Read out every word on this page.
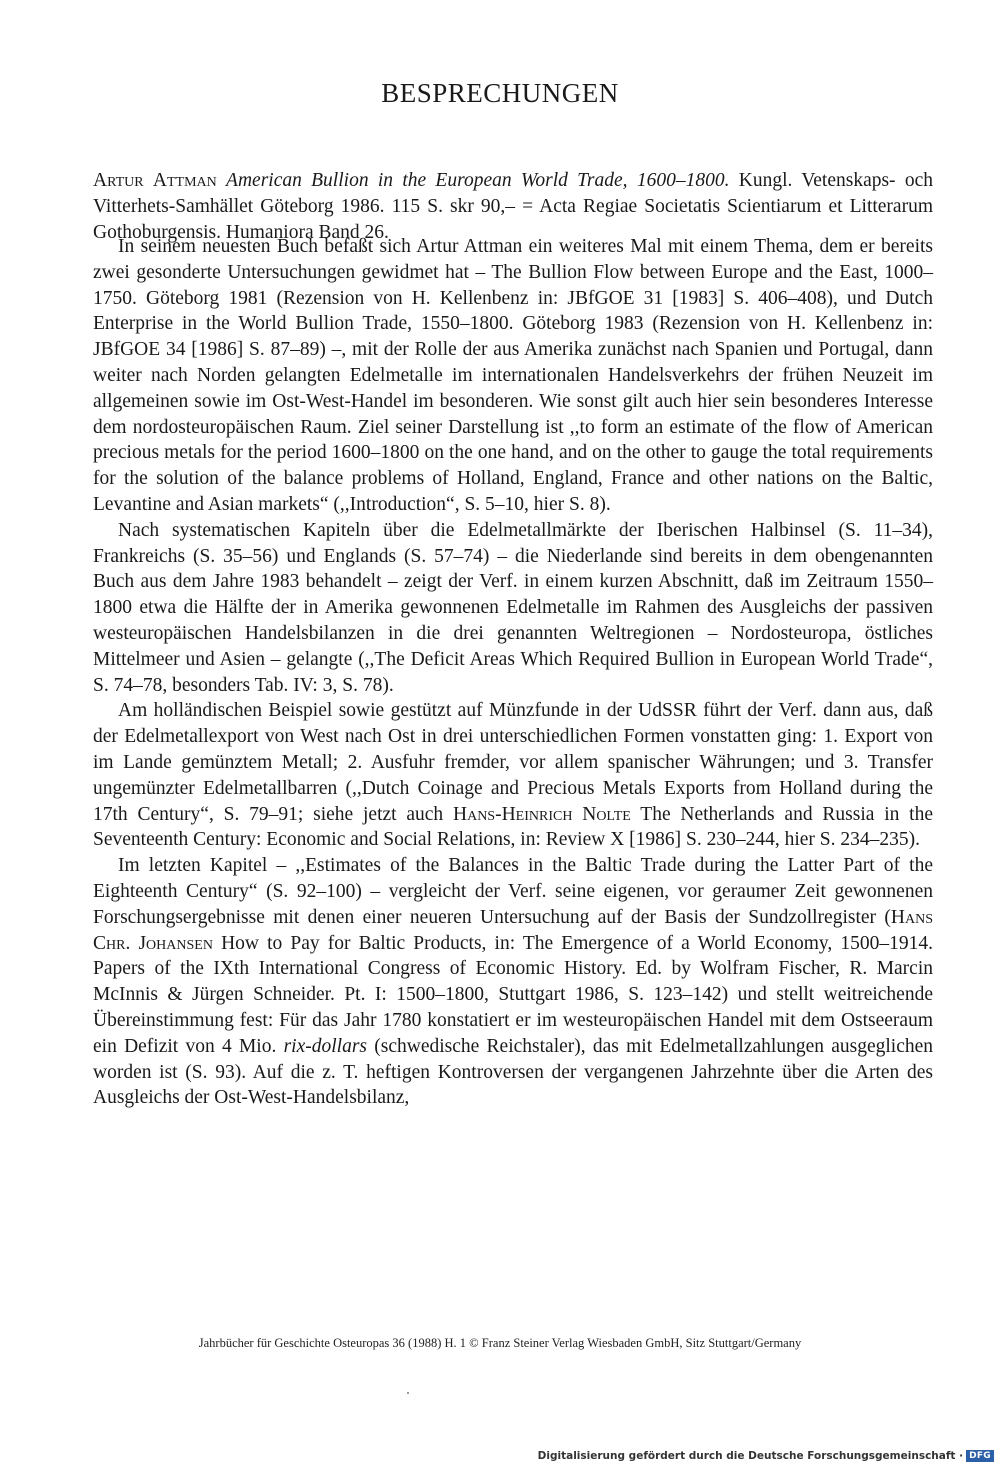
BESPRECHUNGEN

Artur Attman American Bullion in the European World Trade, 1600–1800. Kungl. Vetenskaps- och Vitterhets-Samhället Göteborg 1986. 115 S. skr 90,– = Acta Regiae Societatis Scientiarum et Litterarum Gothoburgensis. Humaniora Band 26.

In seinem neuesten Buch befaßt sich Artur Attman ein weiteres Mal mit einem Thema, dem er bereits zwei gesonderte Untersuchungen gewidmet hat – The Bullion Flow between Europe and the East, 1000–1750. Göteborg 1981 (Rezension von H. Kellenbenz in: JBfGOE 31 [1983] S. 406–408), und Dutch Enterprise in the World Bullion Trade, 1550–1800. Göteborg 1983 (Rezension von H. Kellenbenz in: JBfGOE 34 [1986] S. 87–89) –, mit der Rolle der aus Amerika zunächst nach Spanien und Portugal, dann weiter nach Norden gelangten Edelmetalle im internationalen Handelsverkehrs der frühen Neuzeit im allgemeinen sowie im Ost-West-Handel im besonderen. Wie sonst gilt auch hier sein besonderes Interesse dem nordosteuropäischen Raum. Ziel seiner Darstellung ist ,,to form an estimate of the flow of American precious metals for the period 1600–1800 on the one hand, and on the other to gauge the total requirements for the solution of the balance problems of Holland, England, France and other nations on the Baltic, Levantine and Asian markets“ (,,Introduction“, S. 5–10, hier S. 8).

Nach systematischen Kapiteln über die Edelmetallmärkte der Iberischen Halbinsel (S. 11–34), Frankreichs (S. 35–56) und Englands (S. 57–74) – die Niederlande sind bereits in dem obengenannten Buch aus dem Jahre 1983 behandelt – zeigt der Verf. in einem kurzen Abschnitt, daß im Zeitraum 1550–1800 etwa die Hälfte der in Amerika gewonnenen Edelmetalle im Rahmen des Ausgleichs der passiven westeuropäischen Handelsbilanzen in die drei genannten Weltregionen – Nordosteuropa, östliches Mittelmeer und Asien – gelangte (,,The Deficit Areas Which Required Bullion in European World Trade“, S. 74–78, besonders Tab. IV: 3, S. 78).

Am holländischen Beispiel sowie gestützt auf Münzfunde in der UdSSR führt der Verf. dann aus, daß der Edelmetallexport von West nach Ost in drei unterschiedlichen Formen vonstatten ging: 1. Export von im Lande gemünztem Metall; 2. Ausfuhr fremder, vor allem spanischer Währungen; und 3. Transfer ungemünzter Edelmetallbarren (,,Dutch Coinage and Precious Metals Exports from Holland during the 17th Century“, S. 79–91; siehe jetzt auch Hans-Heinrich Nolte The Netherlands and Russia in the Seventeenth Century: Economic and Social Relations, in: Review X [1986] S. 230–244, hier S. 234–235).

Im letzten Kapitel – ,,Estimates of the Balances in the Baltic Trade during the Latter Part of the Eighteenth Century“ (S. 92–100) – vergleicht der Verf. seine eigenen, vor geraumer Zeit gewonnenen Forschungsergebnisse mit denen einer neueren Untersuchung auf der Basis der Sundzollregister (Hans Chr. Johansen How to Pay for Baltic Products, in: The Emergence of a World Economy, 1500–1914. Papers of the IXth International Congress of Economic History. Ed. by Wolfram Fischer, R. Marcin McInnis & Jürgen Schneider. Pt. I: 1500–1800, Stuttgart 1986, S. 123–142) und stellt weitreichende Übereinstimmung fest: Für das Jahr 1780 konstatiert er im westeuropäischen Handel mit dem Ostseeraum ein Defizit von 4 Mio. rix-dollars (schwedische Reichstaler), das mit Edelmetallzahlungen ausgeglichen worden ist (S. 93). Auf die z. T. heftigen Kontroversen der vergangenen Jahrzehnte über die Arten des Ausgleichs der Ost-West-Handelsbilanz,

Jahrbücher für Geschichte Osteuropas 36 (1988) H. 1 © Franz Steiner Verlag Wiesbaden GmbH, Sitz Stuttgart/Germany
Digitalisierung gefördert durch die Deutsche Forschungsgemeinschaft · DFG
